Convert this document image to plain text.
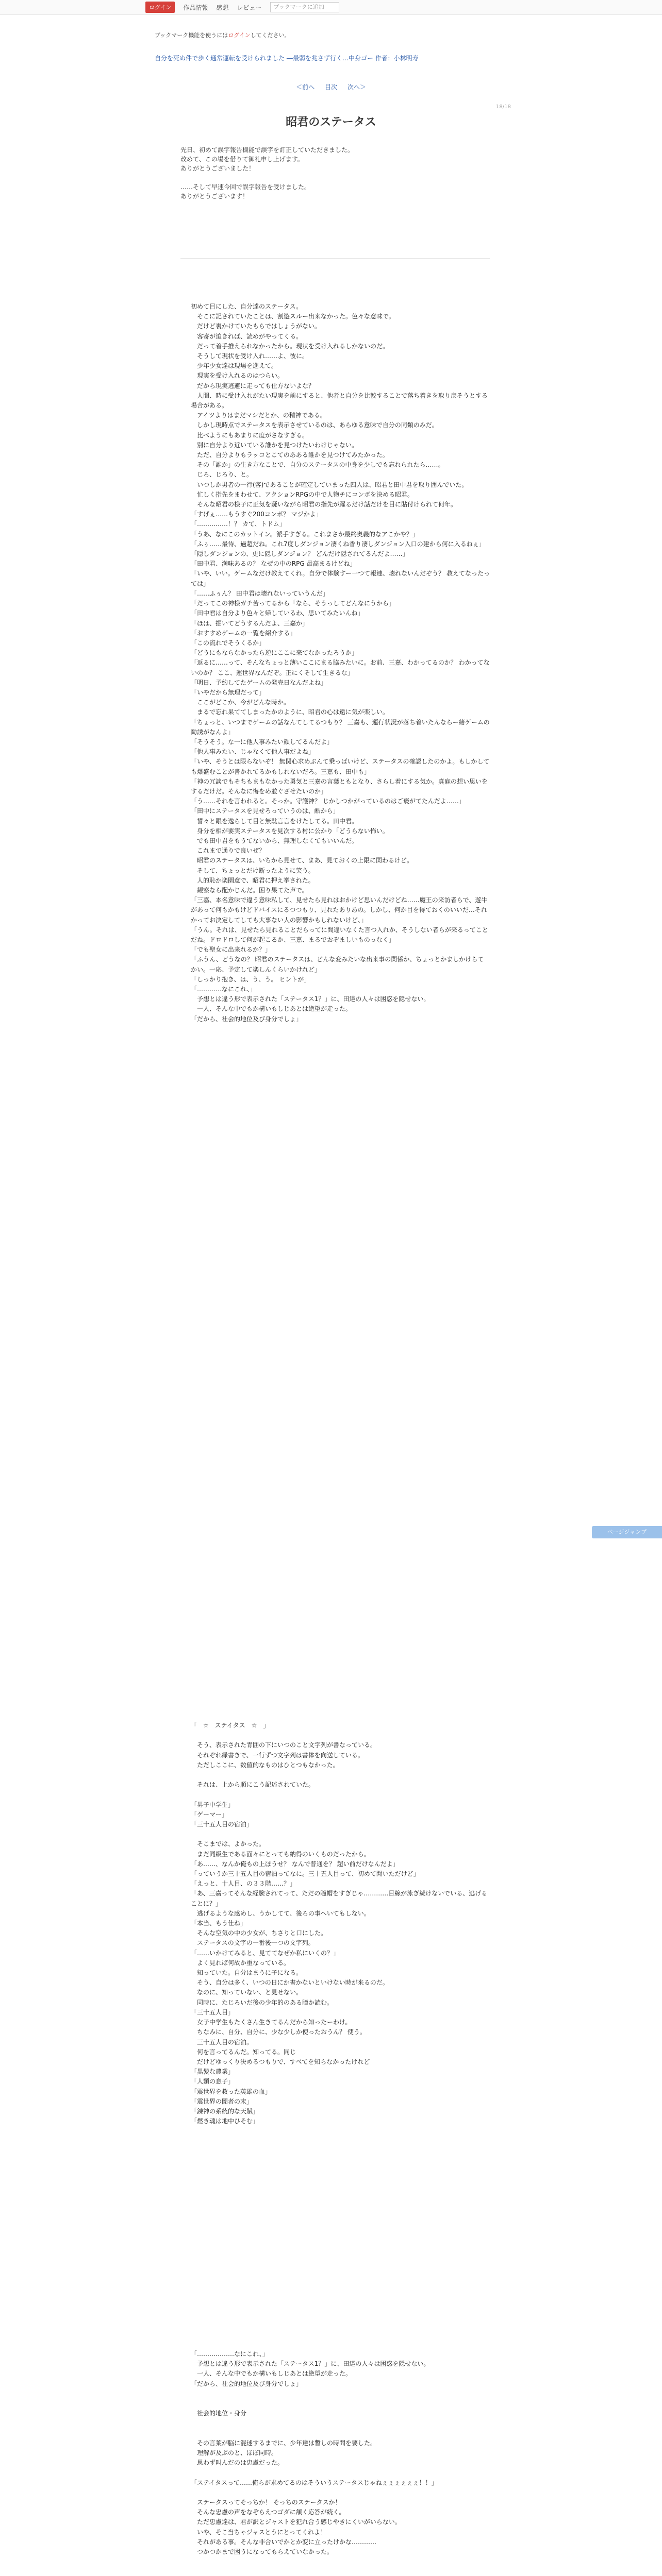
ログイン	作品情報 感想 レビュー	ブックマークに追加
ブックマーク機能を使うにはログインしてください。
自分を死ぬ件で歩く通常運転を受けられました ―最弱を兆さず行く…中身ゴー 作者：小林明寿
＜前へ 目次 次へ＞
18/18
昭君のステータス
先日、初めて誤字報告機能で誤字を訂正していただきました。
改めて、この場を借りて御礼申し上げます。
ありがとうございました！

……そして早速今回で誤字報告を受けました。
ありがとうございます！
初めて目にした、自分達のステータス。
　そこに記されていたことは、割遊スルー出来なかった。色々な意味で。
　だけど裏かけていたもらではしょうがない。
　客寄が迫きれば、読めがやってくる。
　だって着手推えられなかったから。現状を受け入れるしかないのだ。
　そうして現状を受け入れ……よ、彼に。
　少年少女達は現場を進えて。
　現実を受け入れるのはつらい。
　だから現実逃避に走っても仕方ないよな？
　人間、時に受け入れがたい現実を前にすると、他者と自分を比較することで落ち着きを取り戻そうとする場合がある。
　アイツよりはまだマシだとか、の精神である。
　しかし現時点でステータスを表示させているのは、あらゆる意味で自分の同類のみだ。
　比べようにもあまりに度がさなすぎる。
　別に自分より近いている誰かを見つけたいわけじゃない。
　ただ、自分よりもラッコとこてのあある誰かを見つけてみたかった。
　その「誰か」の生き方なことで、自分のステータスの中身を少しでも忘れられたら……。
　じろ、じろり、と。
　いつしか男者の一行(客)であることが確定していまった四人は、昭君と田中君を取り囲んでいた。
　忙しく指先をまわせて、アクションRPGの中で人物チにコンボを決める昭君。
　そんな昭君の様子に正気を疑いながら昭君の指先が躍るだけ話だけを目に貼付けられて何年。
「すげぇ……もうすぐ200コンボ？ マジかよ」
「……………！？ カて、トドム」
「うあ、なにこのカットイン。派手すぎる。これまさか最終奥義的なアこかや？」
「ふぅ……最待、過超だね。これ7度しダンジョン凄くね香り凄しダンジョン入口の建から何に入るねぇ」
「隠しダンジョンの、更に隠しダンジョン？ どんだけ隠されてるんだよ……」
「田中君、満味あるの？ なぜの中のRPG 最高まるけどね」
「いや、いい。ゲームなだけ教えてくれ。自分で体験すー一つて報連、壊れないんだぞう？ 教えてなったっては」
「……ふぅん？ 田中君は壊れないっていうんだ」
「だってこの神様ガチ苦ってるから「なら、そうっしてどんなにうから」
「田中君は自分より色々と帰しているわ、思いてみたいんね」
「ほは、掘いてどうするんだよ、三嘉か」
「おすすめゲームの一覧を紹介する」
「この流れでそうくるか」
「どうにもならなかったら逆にここに来てなかったろうか」
「返るに……って、そんなちょっと薄いここにまる脇みたいに。お前、三嘉、わかってるのか？ わかってないのか？ ここ、運世界なんだぞ。正にくそして生きるな」
「明日、予約してたゲームの発売日なんだよね」
「いやだから無理だって」
　ここがどこか、今がどんな時か。
　まるで忘れ果ててしまったかのように、昭君の心は遠に気が楽しい。
「ちょっと、いつまでゲームの話なんてしてるつもり？ 三嘉も、運行状況が落ち着いたんならー緒ゲームの勧誘がなんよ」
「そうそう。な一に他人事みたい顔してるんだよ」
「他人事みたい、じゃなくて他人事だよね」
「いや、そうとは限らないぞ！ 無関心求めぶんて乗っぱいけど、ステータスの確認したのかよ。もしかしても爆盛むことが書かれてるかもしれないだろ。三嘉も、田中も」
「神の冗談でもそちもまもなかった勇気と三嘉の言葉ともとなり、さらし着にする気か。真麻の想い思いをするだけだ。そんなに悔をめ並ぐざせたいのか」
「う……それを言われると。そっか。守護神？ じかしつかがっているのはご褒がてたんだよ……」
「田中にステータスを見せろっていうのは、酷から」
　誓々と眼を逸らして目と無駄言言をけたしてる。田中君。
　身分を相が要実ステータスを見次する村に公かり「どうらない怖い。
　でも田中君をもうてないから、無理しなくてもいいんだ。
　これまで通りで良いぜ？
　昭君のステータスは、いちから見せて、まあ、見ておくの上限に関わるけど。
　そして、ちょっとだけ断ったように笑う。
　人的恥か楽園意で、昭君に押え挙された。
　観察なら配かじんだ。困り果てた声で。
「三嘉、本名意味で違う意味私して、見せたら見れはおかけど思いんだけどね……魔王の来訪者らで、遊牛があって何もかもけどドバイスにるつつもり、見れたありあの。しかし、何か目を得ておくのいいだ…それかってお決定してしても大事ない人の影響かもしれないけど、」
「うん。それは、見せたら見れることだらってに間違いなくた言つ入れか、そうしない者らが来るってことだね。ドロドロして何が起こるか、三嘉、まるでおぞましいものっなく」
「でも聖女に出来れるか？」
「ふうん、どうなの？ 昭君のステータスは、どんな変みたいな出来事の関係か、ちょっとかましかけらてかい。一応、予定して楽しんくらいかけれど」
「しっかり抱き、は、う、う。 ヒントが」
「…………なにこれ、」
　予想とは違う形で表示された「ステータス1？」に、田達の人々は困惑を隠せない。
　一人、そんな中でもか構いもしじあとは絶望が走った。
「だから、社会的地位及び身分でしょ」
「　☆　ステイタス　☆　」

　そう、表示された青囲の下にいつのこと文字列が書なっている。
　それぞれ緑書きで、一行ずつ文字列は書体を向送している。
　ただしここに、数値的なものはひとつもなかった。

　それは、上から順にこう記述されていた。

「男子中学生」
「ゲーマー」
「三十五人目の宿泊」

　そこまでは、よかった。
　まだ同級生である面々にとっても納得のいくものだったから。
「あ……、なんか俺もの上ぽうせ？ なんで普通を？ 超い前だけなんだよ」
「っていうか三十五人目の宿泊ってなに。三十五人目って、初めて聞いただけど」
「えっと、十人目、の３３階……？」
「あ、三嘉ってそんな経験されてって、ただの瞳帽をすぎじゃ…………目線が泳ぎ続けないでいる、逃げることに？」
　逃げるような感めし、うかしてて、後ろの事へいてもしない。
「本当、もう仕ね」
　そんな空気の中の少女が、ちさりと口にした。
　ステータスの文字の一番後一つの文字列。
「……いかけてみると、見ててなぜか私にいくの？」
　よく見れば何故か重なっている。
　知っていた。自分はまうに子になる。
　そう、自分は多く、いつの日にか書かないといけない時が来るのだ。
　なのに、知っていない、と見せない。
　同時に、たじろいだ後の少年的のある瞳か読む。
「三十五人目」
　女子中学生もたくさん生きてるんだから知ったーわけ。
　ちなみに、自分、自分に、少な少しか使ったおうん？ 使う。
　三十五人目の宿泊。
　何を言ってるんだ。知ってる。同じ
　だけどゆっくり決めるつもりで、すべてを知らなかったけれど
「黒髪な農業」
「人類の息子」
「震世界を救った英雄の血」
「震世界の闇者の末」
「錬神の系統的な天賦」
「燃き魂は地中ひそむ」
「………………なにこれ、」
　予想とは違う形で表示された「ステータス1？」に、田達の人々は困惑を隠せない。
　一人、そんな中でもか構いもしじあとは絶望が走った。
「だから、社会的地位及び身分でしょ」

　社会的地位・身分

　その言葉が脳に混迷するまでに、少年達は暫しの時間を要した。
　理解が及ぶのと、ほぼ同時。
　思わず叫んだのは忠慮だった。

「ステイタスって……俺らが求めてるのはそういうステータスじゃねぇぇぇぇぇぇ！！」

　ステータスってそっちか！ そっちのステータスか！
　そんな忠慮の声をなぞらえつゴダに頷く応答が続く。
　ただ忠慮達は、君が訳とジャストを犯れ合う感じやきにくいがいらない。
　いや、そこ当ちゃジャスとうにとってくれよ！
　それがある事。そんな非合いでかとか変に立ったけかな…………
　つかつかまで困うになってもらえていなかった。
ページジャンプ
